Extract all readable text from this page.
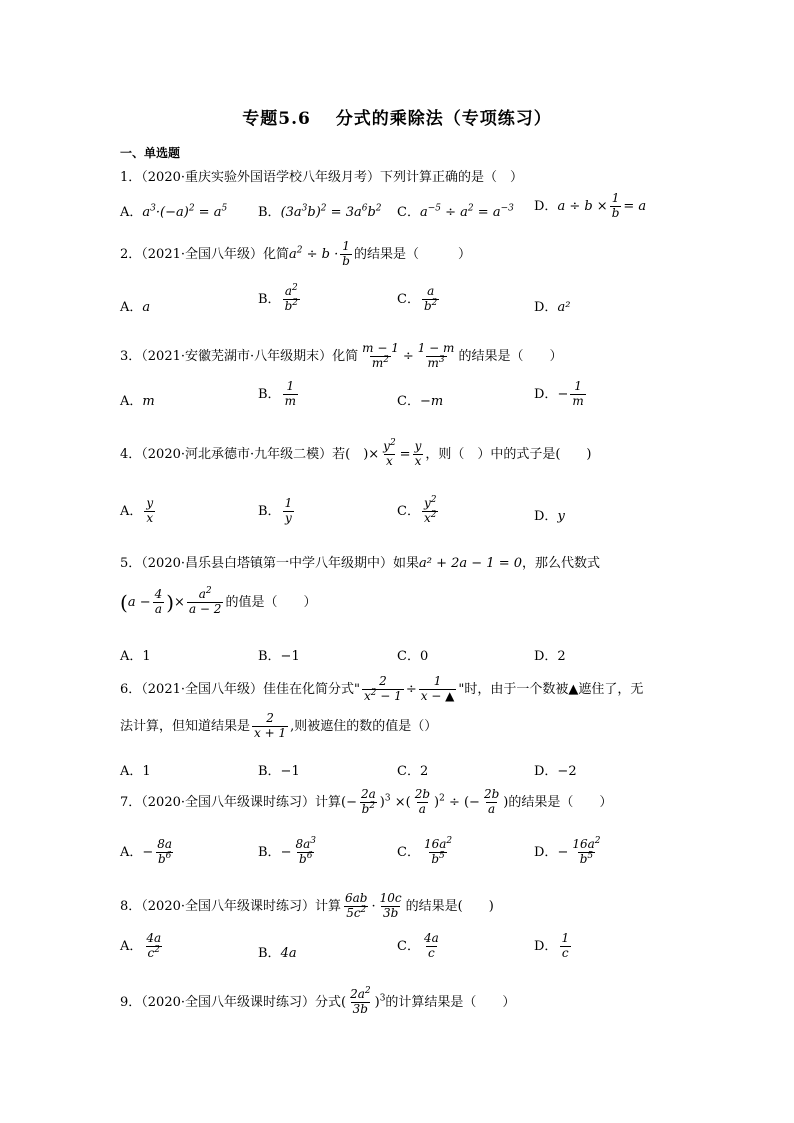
专题5.6　 分式的乘除法（专项练习）
一、单选题
1．（2020·重庆实验外国语学校八年级月考）下列计算正确的是（　）
A．$a^3\cdot(-a)^2 = a^5$ B．$(3a^3b)^2 = 3a^6b^2$ C．$a^{-5} \div a^2 = a^{-3}$ D．$a \div b \times \frac{1}{b} = a$
2．（2021·全国八年级）化简$a^2 \div b \cdot \frac{1}{b}$ 的结果是（　　　）
A．a
B． $\frac{a^2}{b^2}$	C． $\frac{a}{b^2}$	D．a²
3．（2021·安徽芜湖市·八年级期末）化简 $\frac{m - 1}{m^2} \div \frac{1 - m}{m^3}$ 的结果是（　　）
A．m	B． $\frac{1}{m}$	C．−m	D．− $\frac{1}{m}$
4．（2020·河北承德市·九年级二模）若(　)× $\frac{y^2}{x} = \frac{y}{x}$ ，则（　）中的式子是(　　)
A． $\frac{y}{x}$	B． $\frac{1}{y}$	C． $\frac{y^2}{x^2}$	D．y
5．（2020·昌乐县白塔镇第一中学八年级期中）如果a² + 2a − 1 = 0，那么代数式
($a - \frac{4}{a}$ )× $\frac{a^2}{a - 2}$ 的值是（　　）
A．1	B．−1	C．0	D．2
6．（2021·全国八年级）佳佳在化简分式" $\frac{2}{x^2 - 1} \div \frac{1}{x - ▲}$ "时，由于一个数被▲遮住了，无
法计算，但知道结果是 $\frac{2}{x + 1}$ ,则被遮住的数的值是（）
A．1	B．−1	C．2	D．−2
7．（2020·全国八年级课时练习）计算(− $\frac{2a}{b^2} )^3$ ×( $\frac{2b}{a} )^2$ ÷ (− $\frac{2b}{a}$ )的结果是（　　）
A．− $\frac{8a}{b^6}$	B．− $\frac{8a^3}{b^6}$	C． $\frac{16a^2}{b^5}$	D．− $\frac{16a^2}{b^5}$
8．（2020·全国八年级课时练习）计算 $\frac{6ab}{5c^2} \cdot \frac{10c}{3b}$ 的结果是(　　)
A． $\frac{4a}{c^2}$	B．4a	C． $\frac{4a}{c}$	D． $\frac{1}{c}$
9．（2020·全国八年级课时练习）分式( $\frac{2a^2}{3b} )^3$的计算结果是（　　）
